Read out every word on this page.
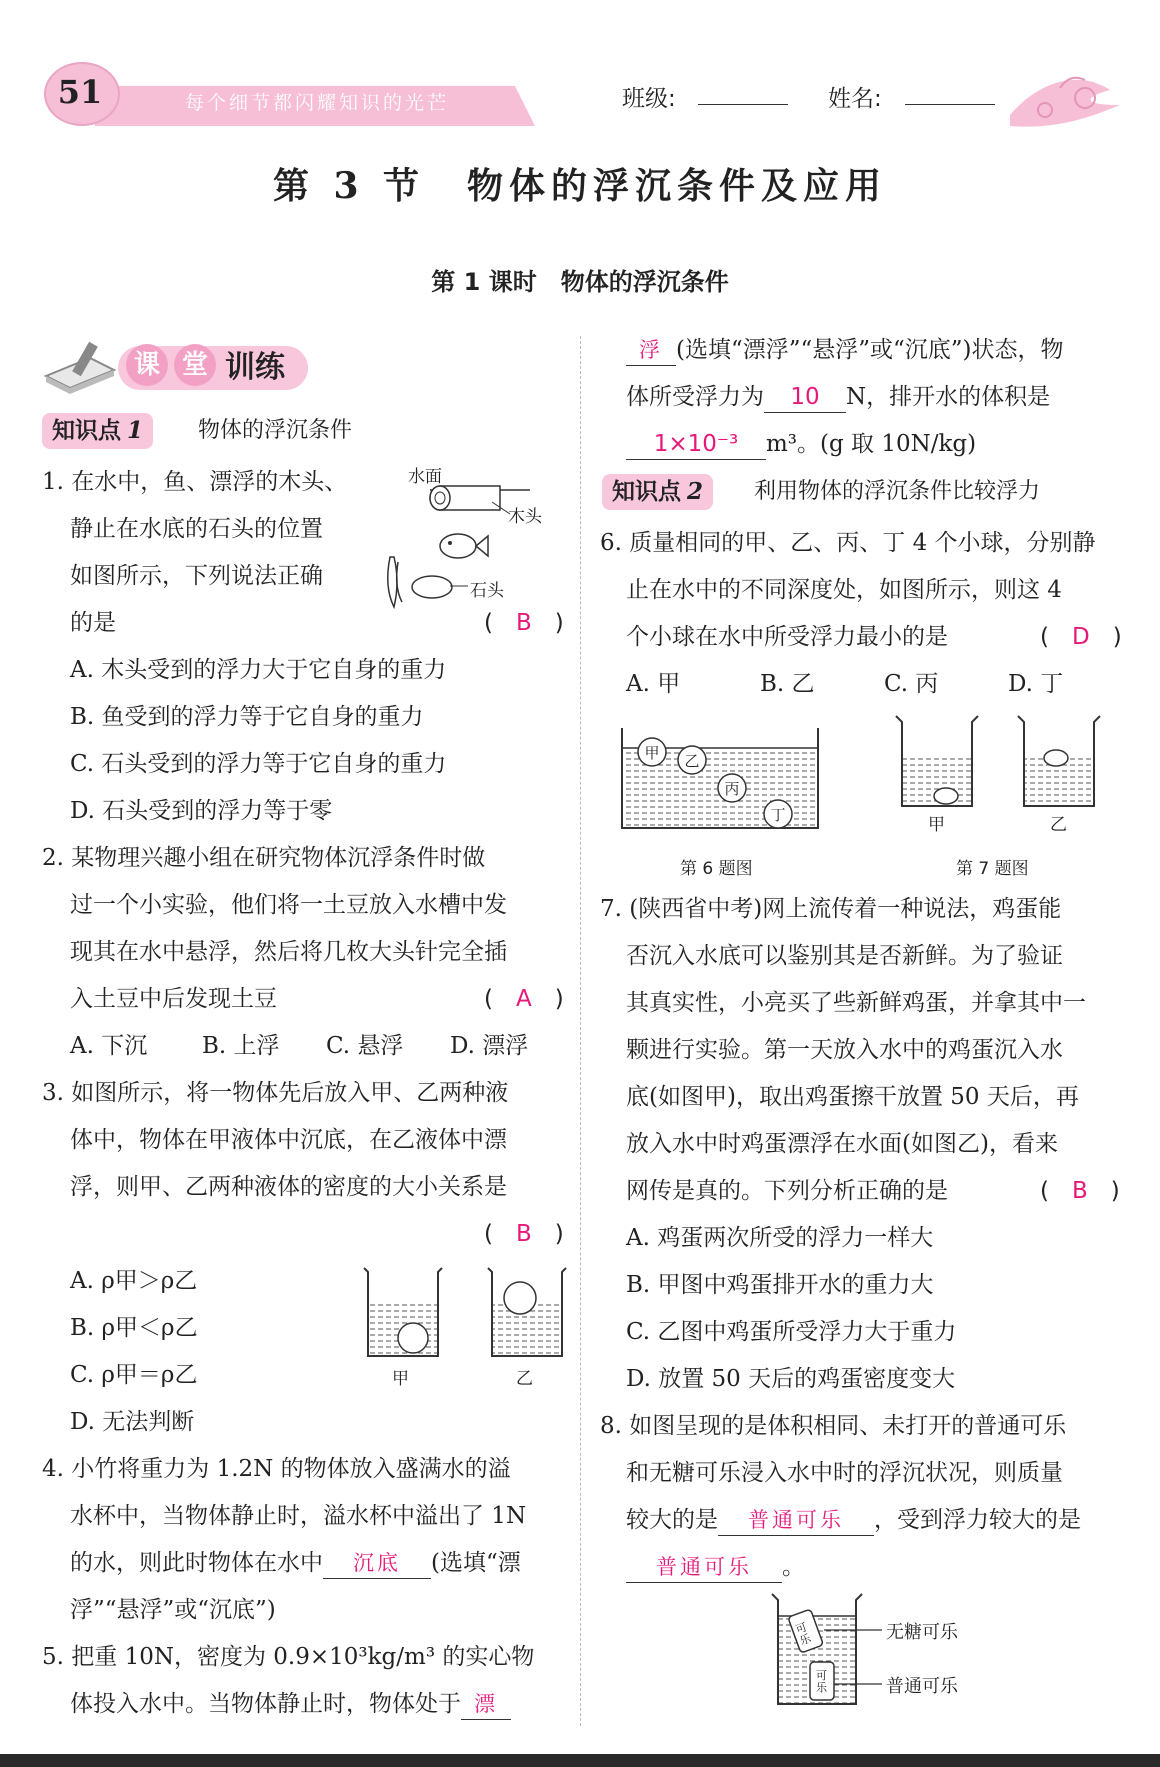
51	每个细节都闪耀知识的光芒	班级:	姓名:
第 3 节　物体的浮沉条件及应用
第 1 课时　物体的浮沉条件
课 堂 训练
知识点 1	物体的浮沉条件
1. 在水中，鱼、漂浮的木头、
静止在水底的石头的位置
如图所示，下列说法正确
的是	(　B　)
A. 木头受到的浮力大于它自身的重力
B. 鱼受到的浮力等于它自身的重力
C. 石头受到的浮力等于它自身的重力
D. 石头受到的浮力等于零
水面
木头
石头
2. 某物理兴趣小组在研究物体沉浮条件时做
过一个小实验，他们将一土豆放入水槽中发
现其在水中悬浮，然后将几枚大头针完全插
入土豆中后发现土豆	(　A　)
A. 下沉 B. 上浮 C. 悬浮 D. 漂浮
3. 如图所示，将一物体先后放入甲、乙两种液
体中，物体在甲液体中沉底，在乙液体中漂
浮，则甲、乙两种液体的密度的大小关系是
(　B　)
A. ρ甲＞ρ乙
B. ρ甲＜ρ乙
C. ρ甲＝ρ乙
D. 无法判断
甲	乙
4. 小竹将重力为 1.2N 的物体放入盛满水的溢
水杯中，当物体静止时，溢水杯中溢出了 1N
的水，则此时物体在水中 沉底 (选填“漂
浮”“悬浮”或“沉底”)
5. 把重 10N，密度为 0.9×10³kg/m³ 的实心物
体投入水中。当物体静止时，物体处于 漂
浮 (选填“漂浮”“悬浮”或“沉底”)状态，物
体所受浮力为 10 N，排开水的体积是
1×10⁻³ m³。(g 取 10N/kg)
知识点 2	利用物体的浮沉条件比较浮力
6. 质量相同的甲、乙、丙、丁 4 个小球，分别静
止在水中的不同深度处，如图所示，则这 4
个小球在水中所受浮力最小的是	(　D　)
A. 甲	B. 乙	C. 丙	D. 丁
甲 乙
丙
丁
第 6 题图
甲	乙
第 7 题图
7. (陕西省中考)网上流传着一种说法，鸡蛋能
否沉入水底可以鉴别其是否新鲜。为了验证
其真实性，小亮买了些新鲜鸡蛋，并拿其中一
颗进行实验。第一天放入水中的鸡蛋沉入水
底(如图甲)，取出鸡蛋擦干放置 50 天后，再
放入水中时鸡蛋漂浮在水面(如图乙)，看来
网传是真的。下列分析正确的是	(　B　)
A. 鸡蛋两次所受的浮力一样大
B. 甲图中鸡蛋排开水的重力大
C. 乙图中鸡蛋所受浮力大于重力
D. 放置 50 天后的鸡蛋密度变大
8. 如图呈现的是体积相同、未打开的普通可乐
和无糖可乐浸入水中时的浮沉状况，则质量
较大的是 普通可乐 ，受到浮力较大的是
普通可乐 。
可乐
可乐
无糖可乐
普通可乐
